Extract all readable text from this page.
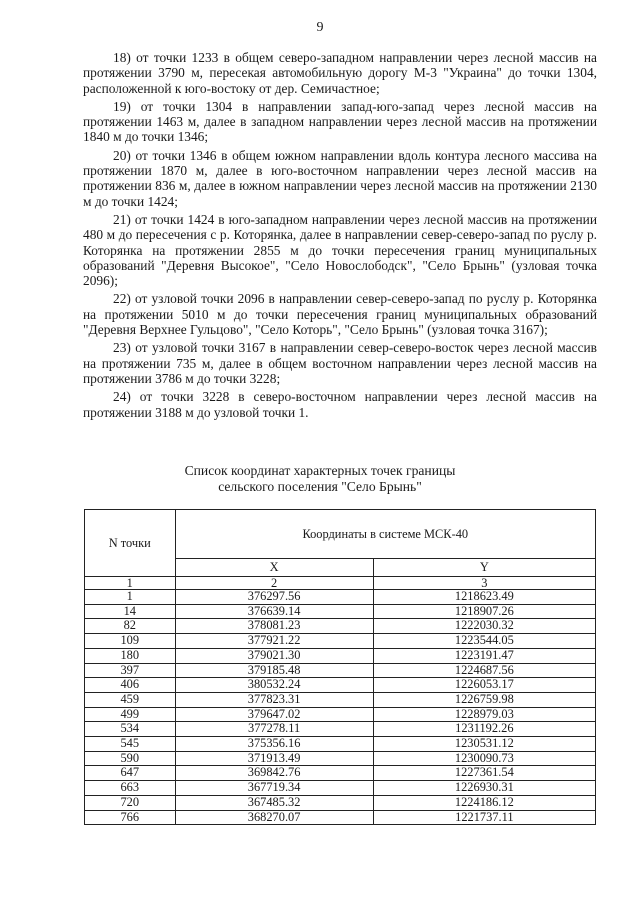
9

18) от точки 1233 в общем северо-западном направлении через лесной массив на протяжении 3790 м, пересекая автомобильную дорогу М-3 "Украина" до точки 1304, расположенной к юго-востоку от дер. Семичастное;

19) от точки 1304 в направлении запад-юго-запад через лесной массив на протяжении 1463 м, далее в западном направлении через лесной массив на протяжении 1840 м до точки 1346;

20) от точки 1346 в общем южном направлении вдоль контура лесного массива на протяжении 1870 м, далее в юго-восточном направлении через лесной массив на протяжении 836 м, далее в южном направлении через лесной массив на протяжении 2130 м до точки 1424;

21) от точки 1424 в юго-западном направлении через лесной массив на протяжении 480 м до пересечения с р. Которянка, далее в направлении север-северо-запад по руслу р. Которянка на протяжении 2855 м до точки пересечения границ муниципальных образований "Деревня Высокое", "Село Новослободск", "Село Брынь" (узловая точка 2096);

22) от узловой точки 2096 в направлении север-северо-запад по руслу р. Которянка на протяжении 5010 м до точки пересечения границ муниципальных образований "Деревня Верхнее Гульцово", "Село Которь", "Село Брынь" (узловая точка 3167);

23) от узловой точки 3167 в направлении север-северо-восток через лесной массив на протяжении 735 м, далее в общем восточном направлении через лесной массив на протяжении 3786 м до точки 3228;

24) от точки 3228 в северо-восточном направлении через лесной массив на протяжении 3188 м до узловой точки 1.

Список координат характерных точек границы
сельского поселения "Село Брынь"
N точки	Координаты в системе МСК-40	
	X	Y
1	2	3
1	376297.56	1218623.49
14	376639.14	1218907.26
82	378081.23	1222030.32
109	377921.22	1223544.05
180	379021.30	1223191.47
397	379185.48	1224687.56
406	380532.24	1226053.17
459	377823.31	1226759.98
499	379647.02	1228979.03
534	377278.11	1231192.26
545	375356.16	1230531.12
590	371913.49	1230090.73
647	369842.76	1227361.54
663	367719.34	1226930.31
720	367485.32	1224186.12
766	368270.07	1221737.11
